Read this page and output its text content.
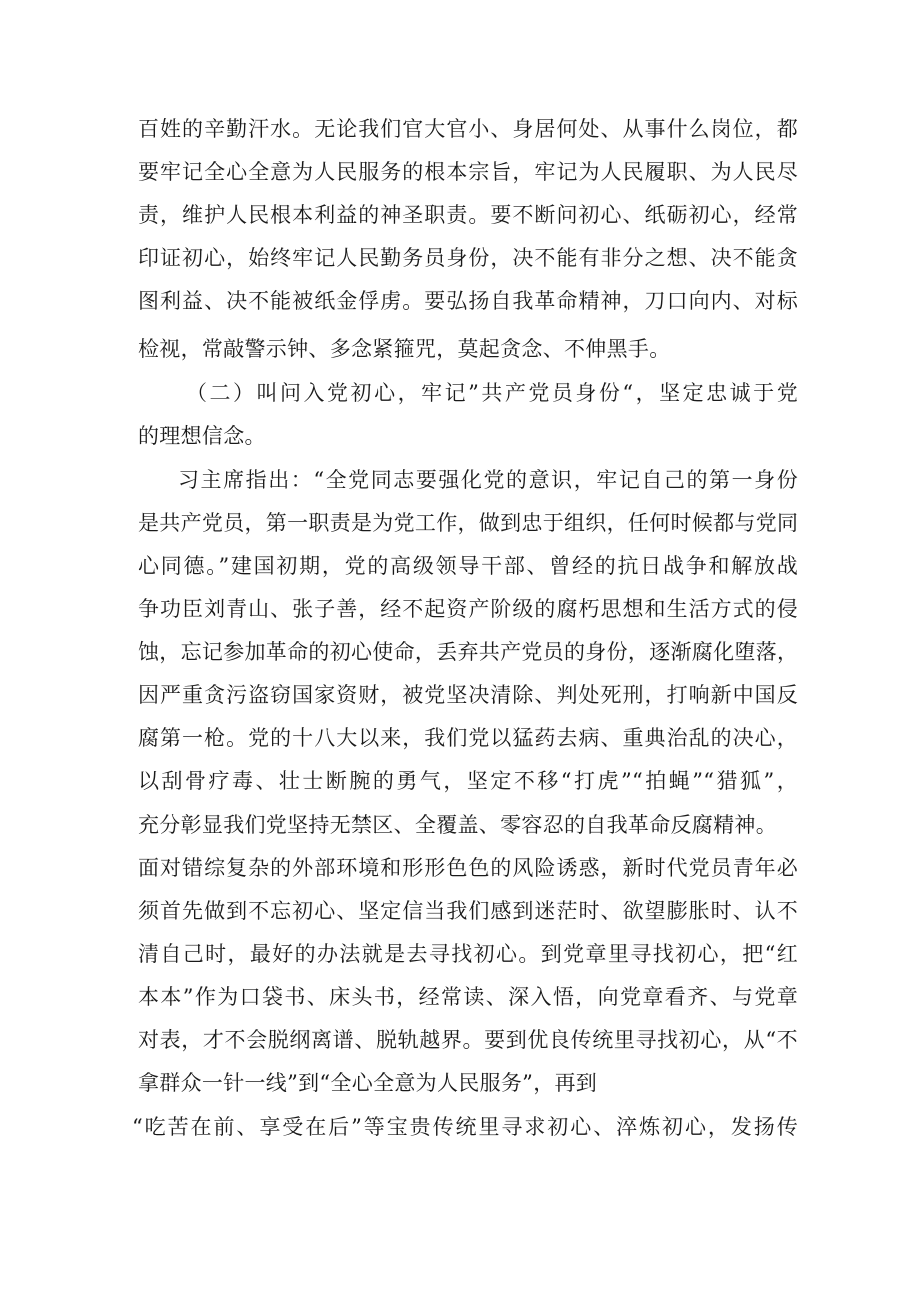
百姓的辛勤汗水。无论我们官大官小、身居何处、从事什么岗位，都
要牢记全心全意为人民服务的根本宗旨，牢记为人民履职、为人民尽
责，维护人民根本利益的神圣职责。要不断问初心、纸砺初心，经常
印证初心，始终牢记人民勤务员身份，决不能有非分之想、决不能贪
图利益、决不能被纸金俘虏。要弘扬自我革命精神，刀口向内、对标
检视，常敲警示钟、多念紧箍咒，莫起贪念、不伸黑手。
（二）叫问入党初心，牢记”共产党员身份“，坚定忠诚于党
的理想信念。
习主席指出：“全党同志要强化党的意识，牢记自己的第一身份
是共产党员，第一职责是为党工作，做到忠于组织，任何时候都与党同
心同德。”建国初期，党的高级领导干部、曾经的抗日战争和解放战
争功臣刘青山、张子善，经不起资产阶级的腐朽思想和生活方式的侵
蚀，忘记参加革命的初心使命，丢弃共产党员的身份，逐渐腐化堕落，
因严重贪污盗窃国家资财，被党坚决清除、判处死刑，打响新中国反
腐第一枪。党的十八大以来，我们党以猛药去病、重典治乱的决心，
以刮骨疗毒、壮士断腕的勇气，坚定不移“打虎”“拍蝇”“猎狐”，
充分彰显我们党坚持无禁区、全覆盖、零容忍的自我革命反腐精神。
面对错综复杂的外部环境和形形色色的风险诱惑，新时代党员青年必
须首先做到不忘初心、坚定信当我们感到迷茫时、欲望膨胀时、认不
清自己时，最好的办法就是去寻找初心。到党章里寻找初心，把“红
本本”作为口袋书、床头书，经常读、深入悟，向党章看齐、与党章
对表，才不会脱纲离谱、脱轨越界。要到优良传统里寻找初心，从“不
拿群众一针一线”到“全心全意为人民服务”，再到
“吃苦在前、享受在后”等宝贵传统里寻求初心、淬炼初心，发扬传
